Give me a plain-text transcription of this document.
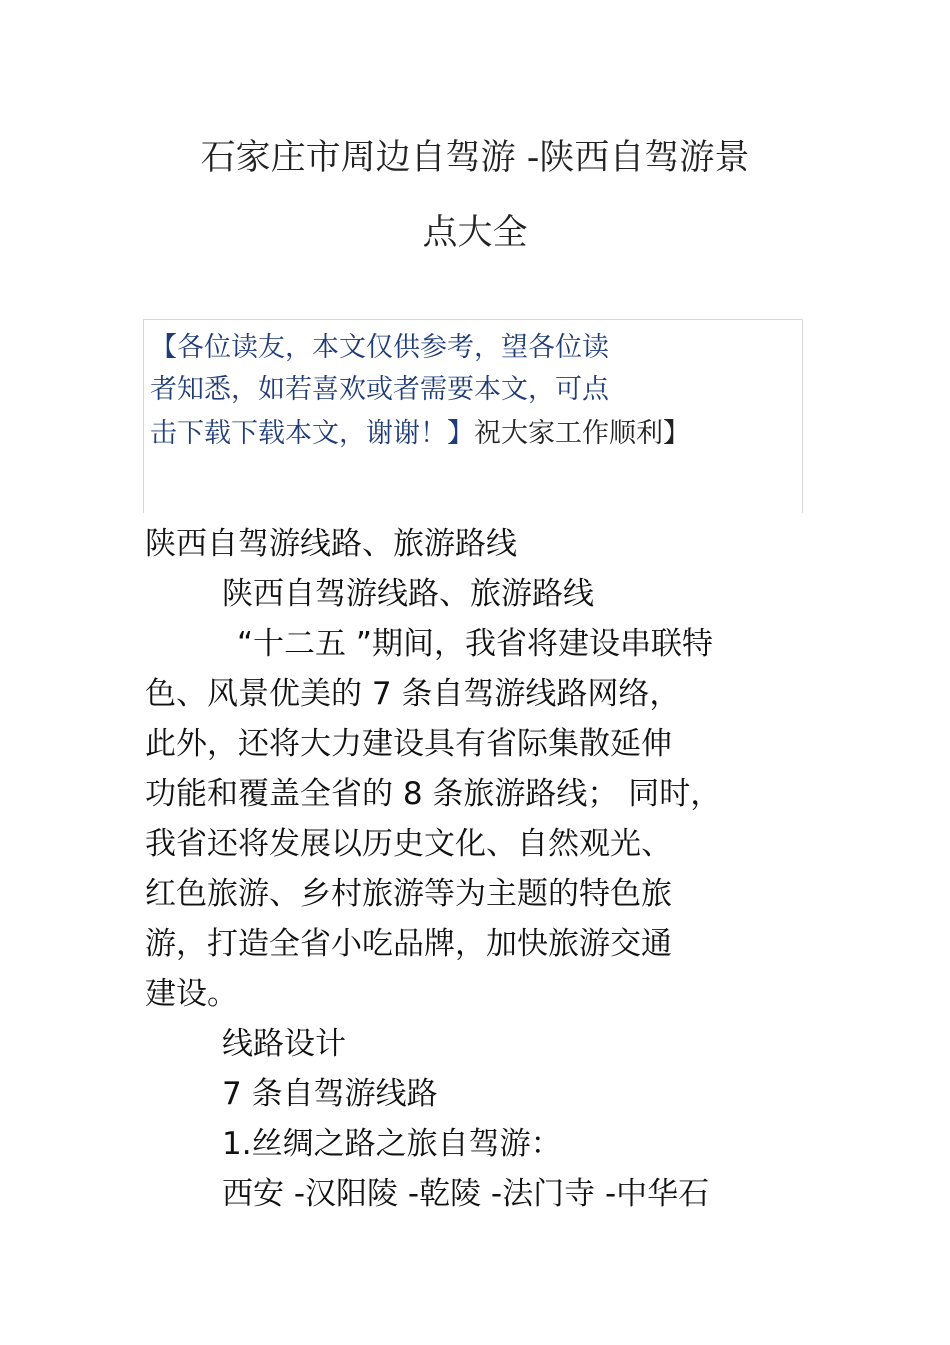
石家庄市周边自驾游 -陕西自驾游景
点大全
【各位读友，本文仅供参考，望各位读
者知悉，如若喜欢或者需要本文，可点
击下载下载本文，谢谢！】祝大家工作顺利】
陕西自驾游线路、旅游路线
陕西自驾游线路、旅游路线
“十二五 ”期间，我省将建设串联特
色、风景优美的 7 条自驾游线路网络，
此外，还将大力建设具有省际集散延伸
功能和覆盖全省的 8 条旅游路线； 同时，
我省还将发展以历史文化、自然观光、
红色旅游、乡村旅游等为主题的特色旅
游，打造全省小吃品牌，加快旅游交通
建设。
线路设计
7 条自驾游线路
1.丝绸之路之旅自驾游：
西安 -汉阳陵 -乾陵 -法门寺 -中华石
